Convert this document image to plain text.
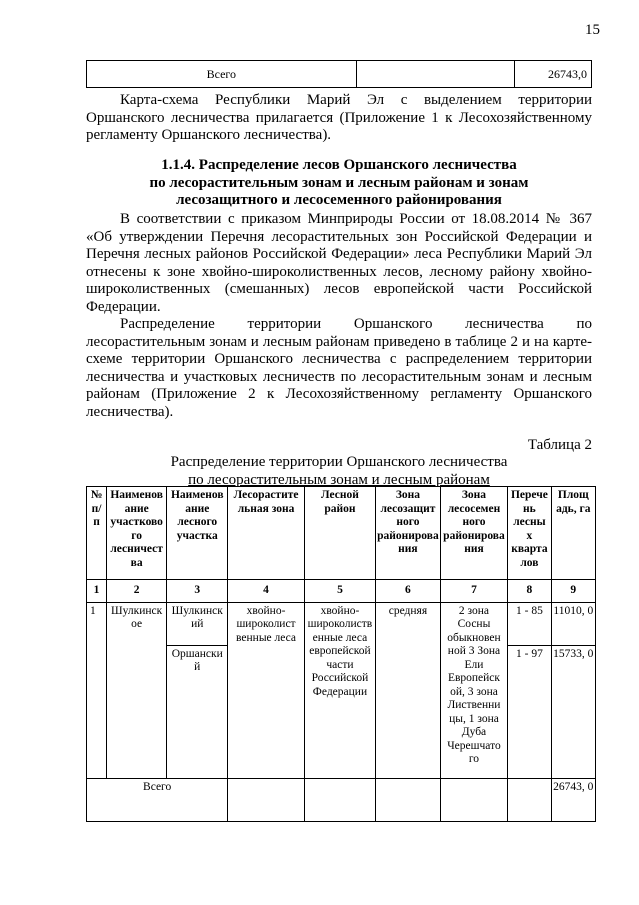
15
Всего		26743,0
Карта-схема Республики Марий Эл с выделением территории Оршанского лесничества прилагается (Приложение 1 к Лесохозяйственному регламенту Оршанского лесничества).
1.1.4. Распределение лесов Оршанского лесничества
по лесорастительным зонам и лесным районам и зонам
лесозащитного и лесосеменного районирования
В соответствии с приказом Минприроды России от 18.08.2014 № 367 «Об утверждении Перечня лесорастительных зон Российской Федерации и Перечня лесных районов Российской Федерации» леса Республики Марий Эл отнесены к зоне хвойно-широколиственных лесов, лесному району хвойно-широколиственных (смешанных) лесов европейской части Российской Федерации.
Распределение территории Оршанского лесничества по лесорастительным зонам и лесным районам приведено в таблице 2 и на карте-схеме территории Оршанского лесничества с распределением территории лесничества и участковых лесничеств по лесорастительным зонам и лесным районам (Приложение 2 к Лесохозяйственному регламенту Оршанского лесничества).
Таблица 2
Распределение территории Оршанского лесничества
по лесорастительным зонам и лесным районам
№ п/ п	Наименов ание участково го лесничест ва	Наименов ание лесного участка	Лесорастите льная зона	Лесной район	Зона лесозащит ного районирова ния	Зона лесосемен ного районирова ния	Перече нь лесны х кварта лов	Площ адь, га
1	2	3	4	5	6	7	8	9
1	Шулкинск ое	Шулкинск ий	хвойно- широколист венные леса	хвойно- широколиств енные леса европейской части Российской Федерации	средняя	2 зона Сосны обыкновен ной 3 Зона Ели Европейск ой, 3 зона Лиственни цы, 1 зона Дуба Черешчато го	1 - 85	11010, 0
		Оршански й					1 - 97	15733, 0
Всего								26743, 0
